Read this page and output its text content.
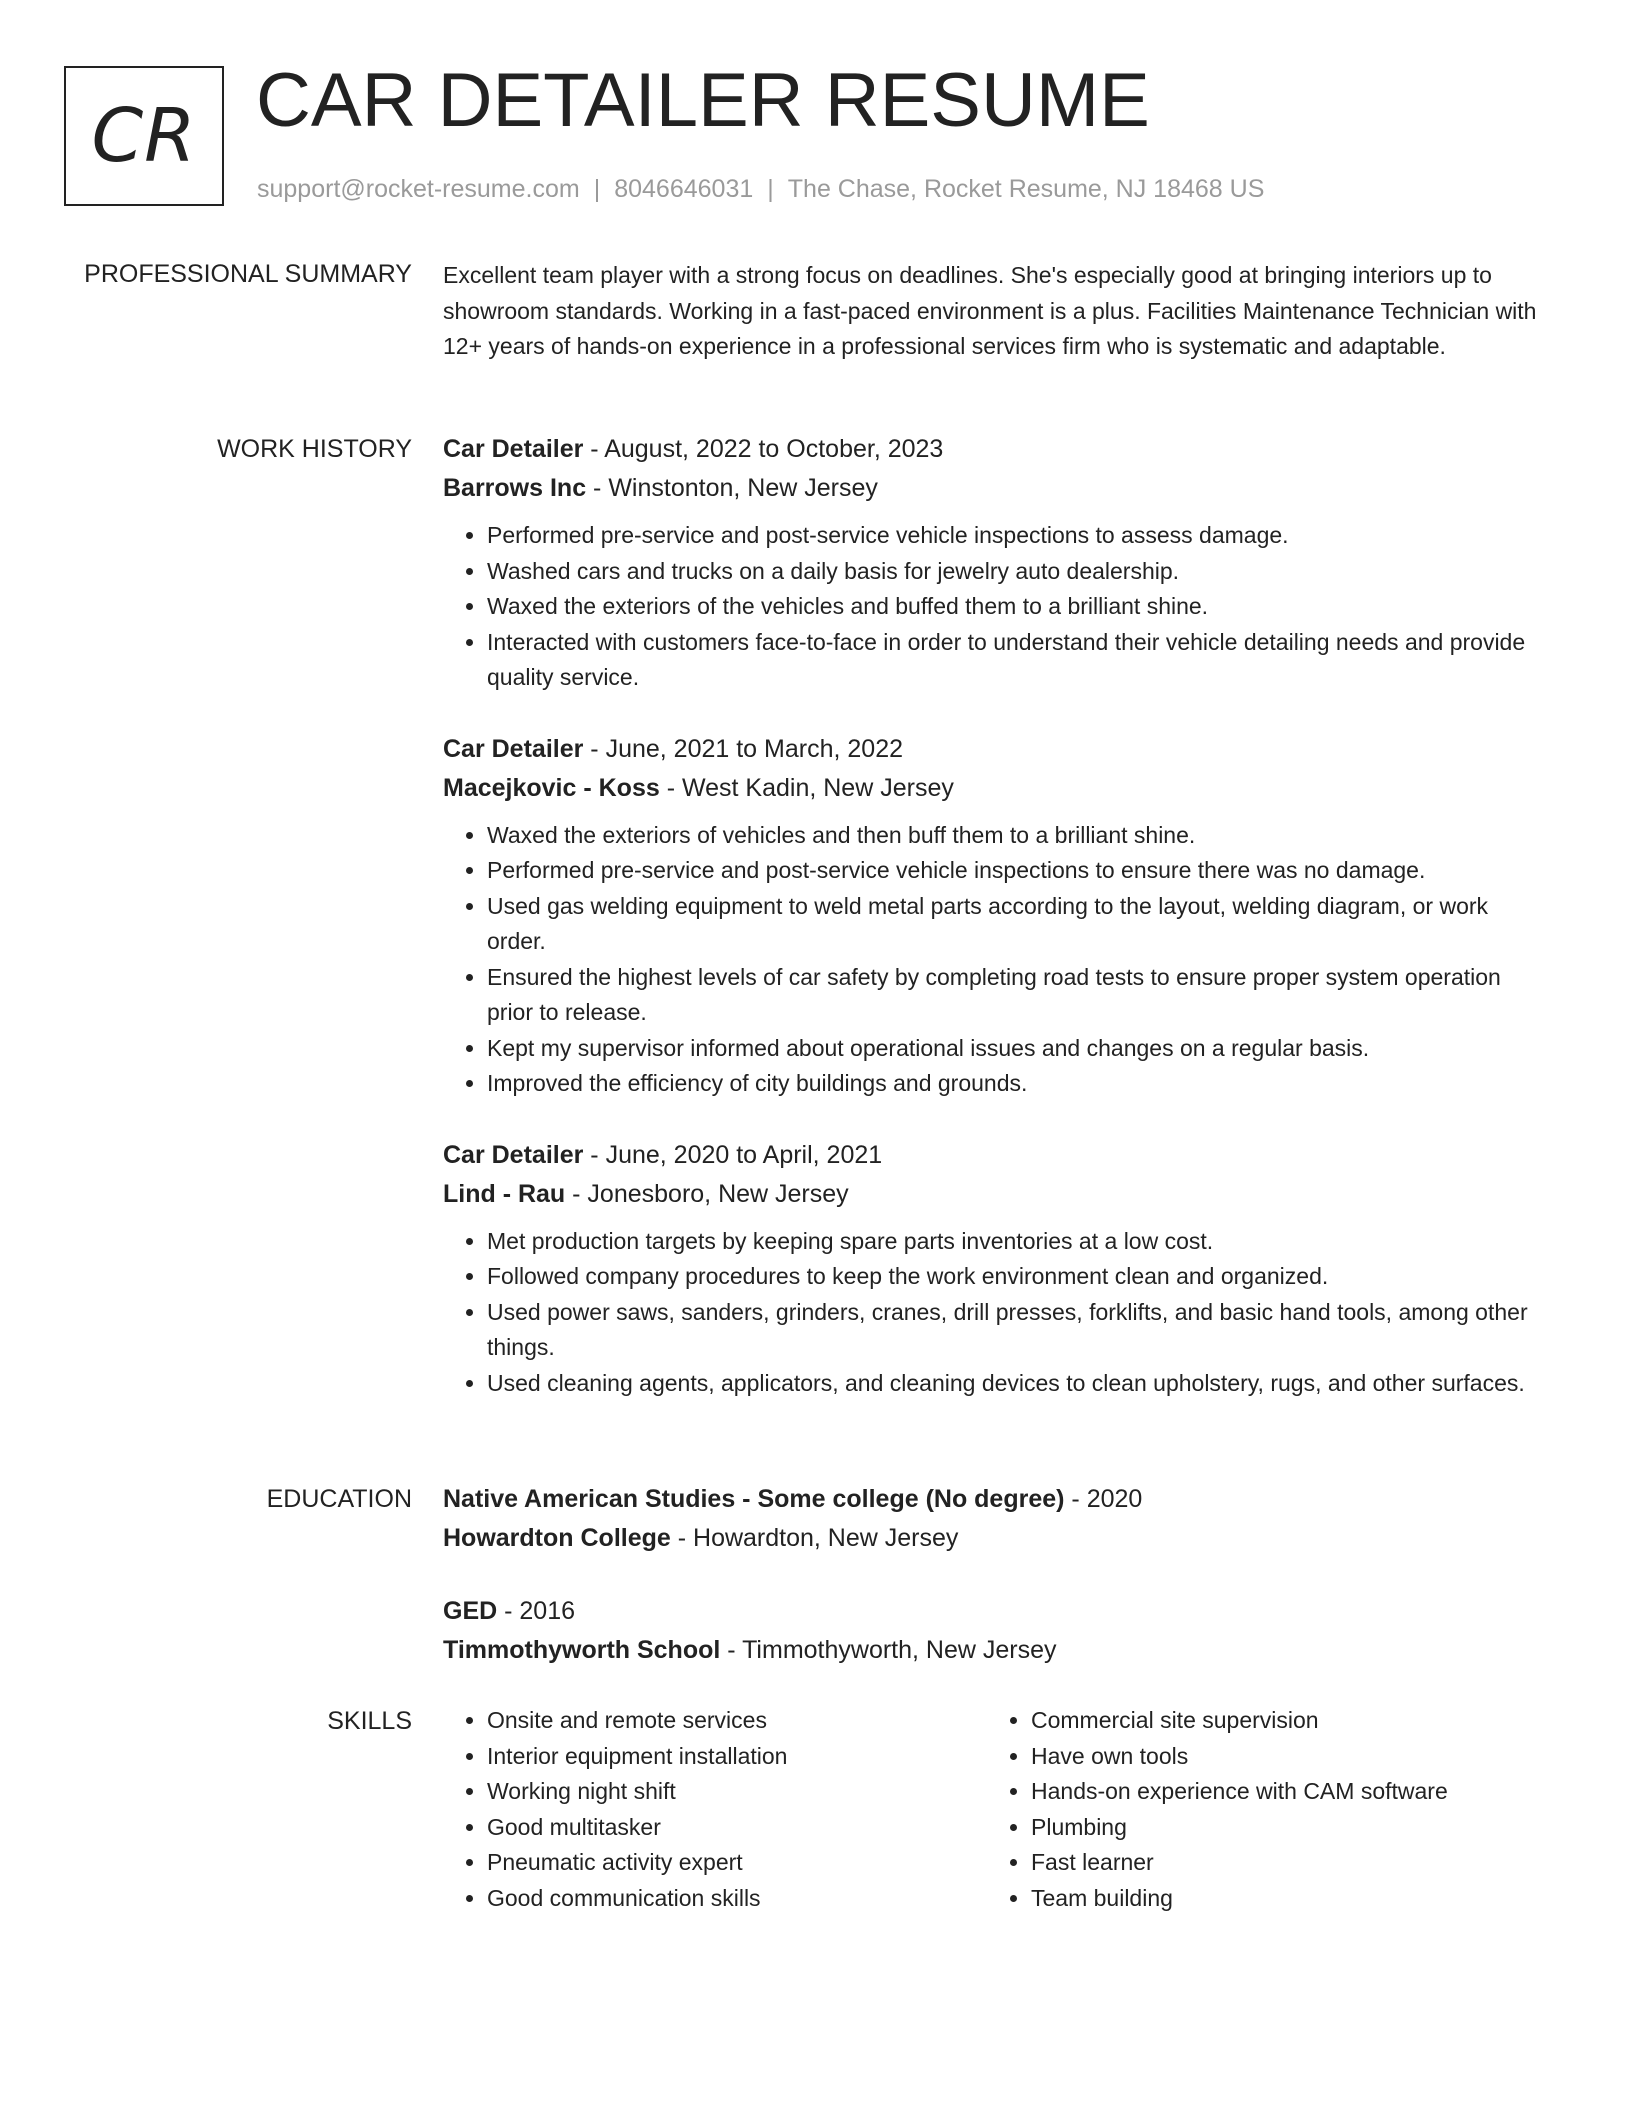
CR CAR DETAILER RESUME
support@rocket-resume.com | 8046646031 | The Chase, Rocket Resume, NJ 18468 US
PROFESSIONAL SUMMARY Excellent team player with a strong focus on deadlines. She's especially good at bringing interiors up to showroom standards. Working in a fast-paced environment is a plus. Facilities Maintenance Technician with 12+ years of hands-on experience in a professional services firm who is systematic and adaptable.

WORK HISTORY Car Detailer - August, 2022 to October, 2023
Barrows Inc - Winstonton, New Jersey
• Performed pre-service and post-service vehicle inspections to assess damage.
• Washed cars and trucks on a daily basis for jewelry auto dealership.
• Waxed the exteriors of the vehicles and buffed them to a brilliant shine.
• Interacted with customers face-to-face in order to understand their vehicle detailing needs and provide quality service.
Car Detailer - June, 2021 to March, 2022
Macejkovic - Koss - West Kadin, New Jersey
• Waxed the exteriors of vehicles and then buff them to a brilliant shine.
• Performed pre-service and post-service vehicle inspections to ensure there was no damage.
• Used gas welding equipment to weld metal parts according to the layout, welding diagram, or work order.
• Ensured the highest levels of car safety by completing road tests to ensure proper system operation prior to release.
• Kept my supervisor informed about operational issues and changes on a regular basis.
• Improved the efficiency of city buildings and grounds.
Car Detailer - June, 2020 to April, 2021
Lind - Rau - Jonesboro, New Jersey
• Met production targets by keeping spare parts inventories at a low cost.
• Followed company procedures to keep the work environment clean and organized.
• Used power saws, sanders, grinders, cranes, drill presses, forklifts, and basic hand tools, among other things.
• Used cleaning agents, applicators, and cleaning devices to clean upholstery, rugs, and other surfaces.
EDUCATION Native American Studies - Some college (No degree) - 2020
Howardton College - Howardton, New Jersey
GED - 2016
Timmothyworth School - Timmothyworth, New Jersey
SKILLS
•	Onsite and remote services
• Interior equipment installation
• Working night shift
• Good multitasker
• Pneumatic activity expert
• Good communication skills
• Commercial site supervision
• Have own tools
• Hands-on experience with CAM software
• Plumbing
• Fast learner
• Team building
